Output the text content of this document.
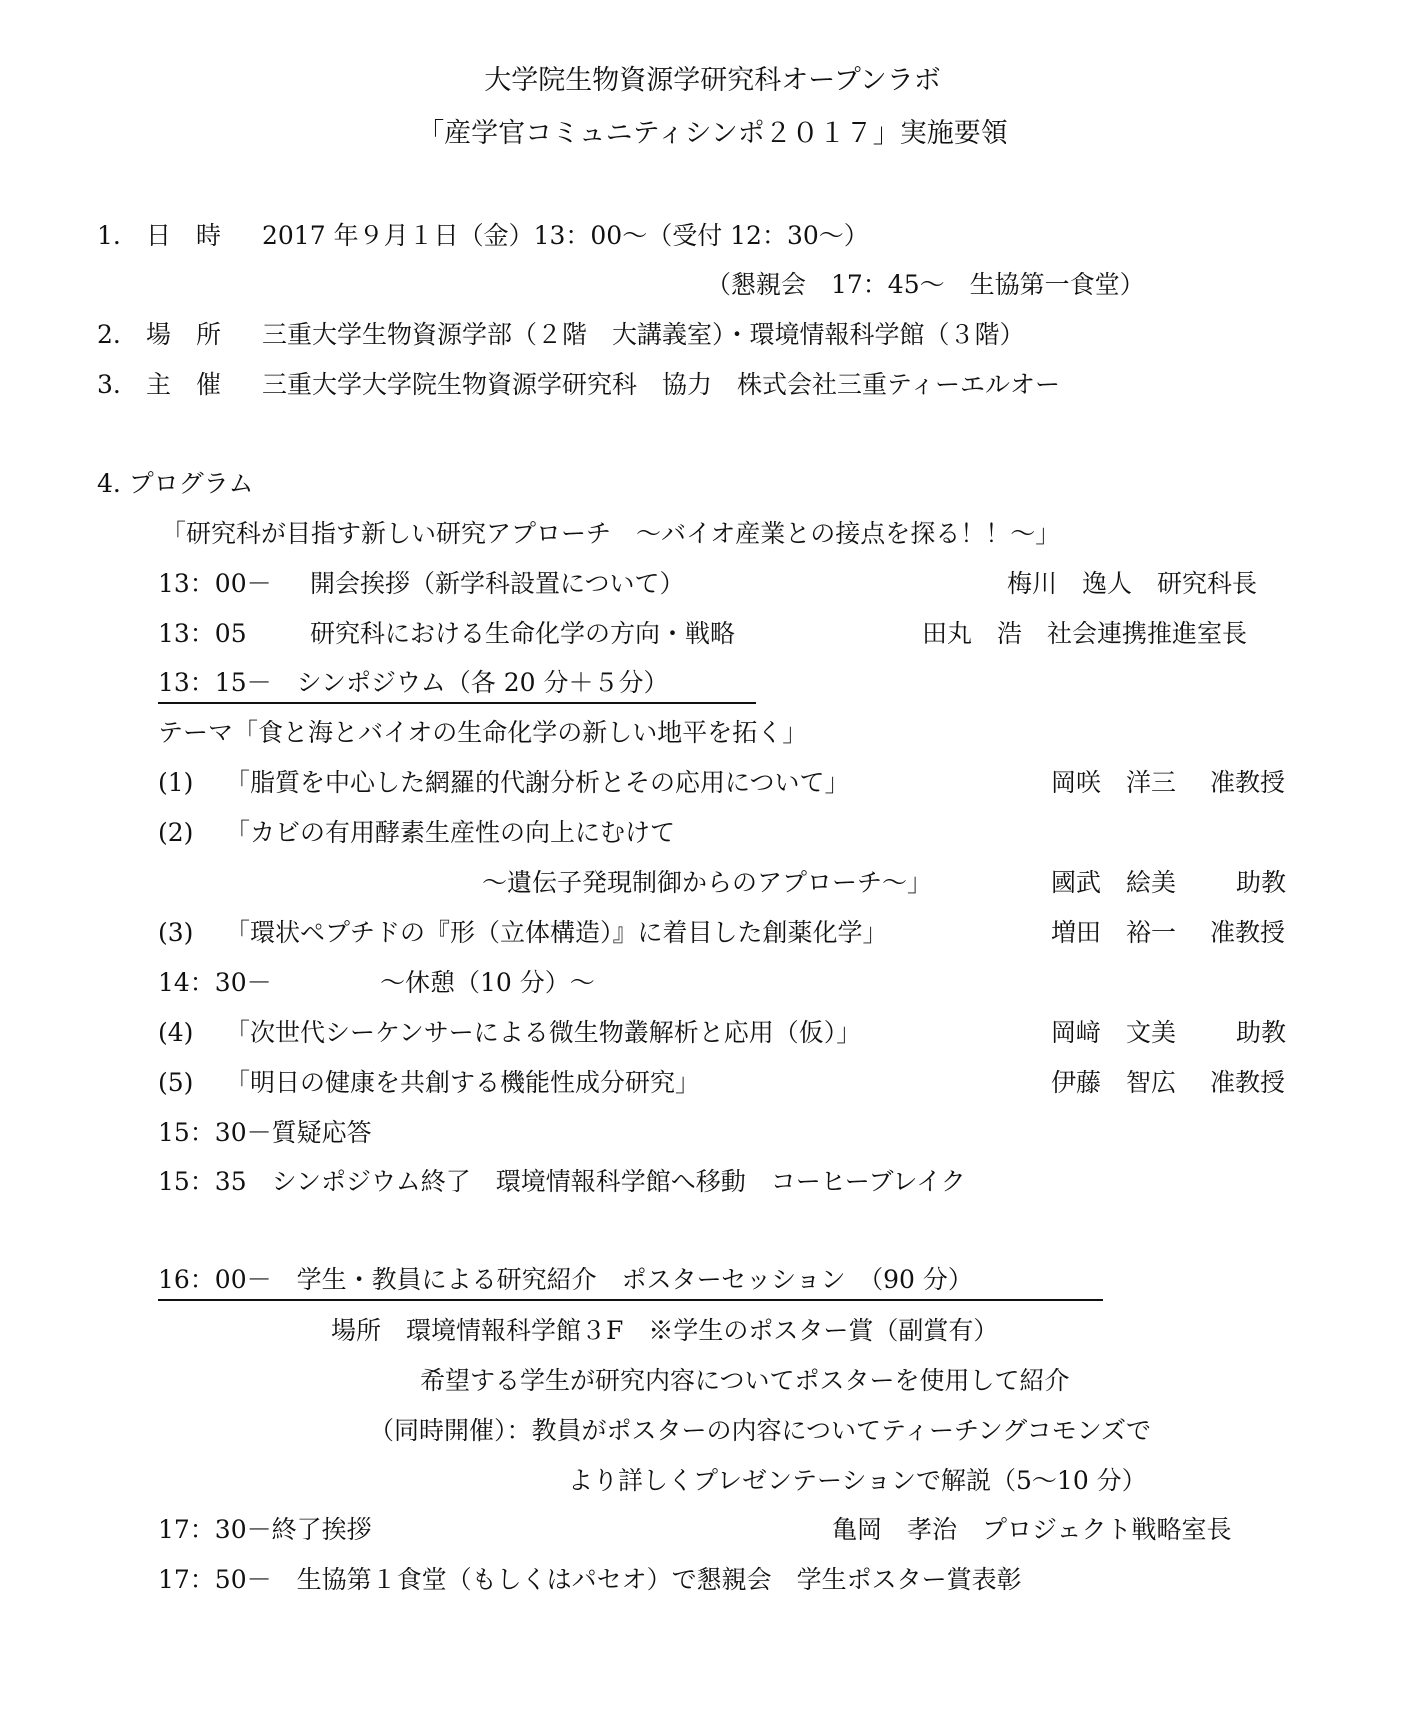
大学院生物資源学研究科オープンラボ
「産学官コミュニティシンポ２０１７」実施要領
1. 日　時 2017 年９月１日（金）13：00～（受付 12：30～）
（懇親会　17：45～　生協第一食堂）
2. 場　所 三重大学生物資源学部（２階　大講義室）・環境情報科学館（３階）
3. 主　催 三重大学大学院生物資源学研究科　協力　株式会社三重ティーエルオー
4. プログラム
「研究科が目指す新しい研究アプローチ　～バイオ産業との接点を探る！！～」
13：00－ 開会挨拶（新学科設置について）	梅川　逸人　研究科長
13：05	研究科における生命化学の方向・戦略	田丸　浩　社会連携推進室長
13：15－　シンポジウム（各 20 分＋５分）
テーマ「食と海とバイオの生命化学の新しい地平を拓く」
(1) 「脂質を中心した網羅的代謝分析とその応用について」	岡咲　洋三 准教授
(2) 「カビの有用酵素生産性の向上にむけて
～遺伝子発現制御からのアプローチ～」	國武　絵美 助教
(3) 「環状ペプチドの『形（立体構造）』に着目した創薬化学」	増田　裕一 准教授
14：30－	～休憩（10 分）～
(4) 「次世代シーケンサーによる微生物叢解析と応用（仮）」	岡﨑　文美 助教
(5) 「明日の健康を共創する機能性成分研究」	伊藤　智広 准教授
15：30－質疑応答
15：35　シンポジウム終了　環境情報科学館へ移動　コーヒーブレイク
16：00－　学生・教員による研究紹介　ポスターセッション　（90 分）
場所　環境情報科学館３F　※学生のポスター賞（副賞有）
希望する学生が研究内容についてポスターを使用して紹介
（同時開催）：教員がポスターの内容についてティーチングコモンズで
より詳しくプレゼンテーションで解説（5～10 分）
17：30－終了挨拶	亀岡　孝治　プロジェクト戦略室長
17：50－　生協第１食堂（もしくはパセオ）で懇親会　学生ポスター賞表彰
